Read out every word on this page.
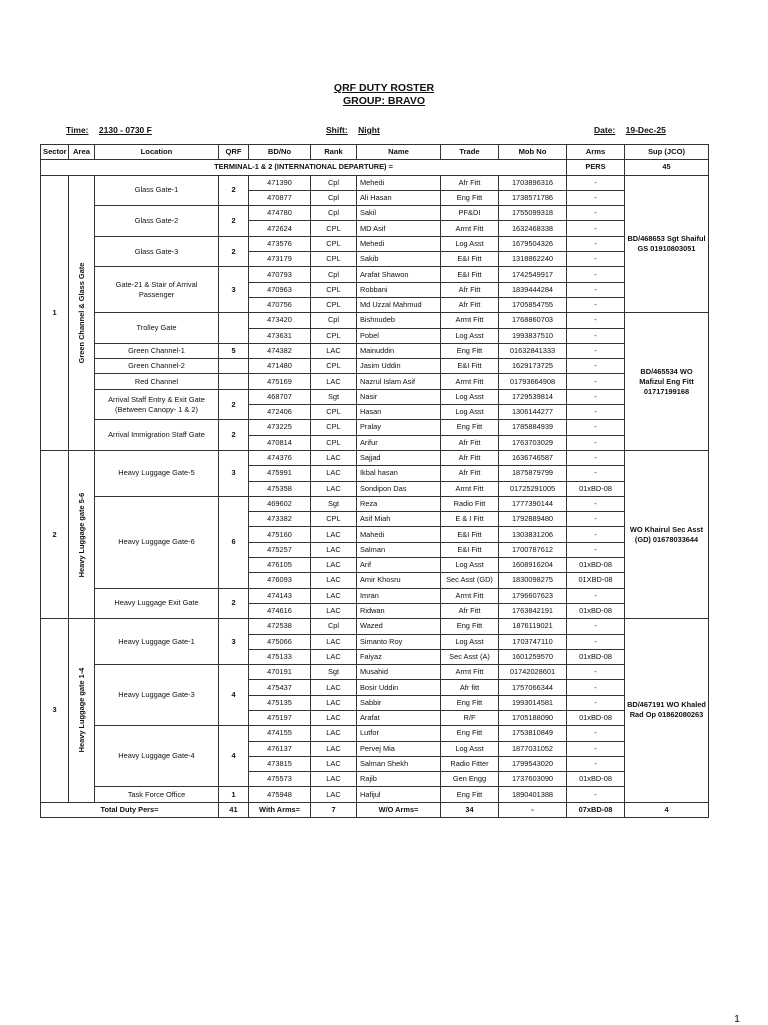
QRF DUTY ROSTER
GROUP: BRAVO
Time: 2130 - 0730 F	Shift: Night	Date: 19-Dec-25
Sector	Area	Location	QRF	BD/No	Rank	Name	Trade	Mob No	Arms	Sup (JCO)
TERMINAL-1 & 2 (INTERNATIONAL DEPARTURE) =									PERS	45
1	Green Channel & Glass Gate	Glass Gate-1	2	471390	Cpl	Mehedi	Afr Fitt	1703896316	-	BD/468653 Sgt Shaiful GS 01910803051
				470877	Cpl	Ali Hasan	Eng Fitt	1738571786	-	
		Glass Gate-2	2	474780	Cpl	Sakil	PF&DI	1755099318	-	
				472624	CPL	MD Asif	Armt Fitt	1632468338	-	
		Glass Gate-3	2	473576	CPL	Mehedi	Log Asst	1679504326	-	
				473179	CPL	Sakib	E&I Fitt	1318862240	-	
		Gate-21 & Stair of Arrival Passenger	3	470793	Cpl	Arafat Shawon	E&I Fitt	1742549917	-	
				470963	CPL	Robbani	Afr Fitt	1839444284	-	
				470756	CPL	Md Uzzal Mahmud	Afr Fitt	1705854755	-	
		Trolley Gate		473420	Cpl	Bishnudeb	Armt Fitt	1768860703	-	BD/465534 WO Mafizul Eng Fitt 01717199168
				473631	CPL	Pobel	Log Asst	1993837510	-	
		Green Channel-1	5	474382	LAC	Mainuddin	Eng Fitt	01632841333	-	
		Green Channel-2		471480	CPL	Jasim Uddin	E&I Fitt	1629173725	-	
		Red Channel		475169	LAC	Nazrul Islam Asif	Armt Fitt	01793664908	-	
		Arrival Staff Entry & Exit Gate (Between Canopy- 1 & 2)	2	468707	Sgt	Nasir	Log Asst	1729539814	-	
				472406	CPL	Hasan	Log Asst	1306144277	-	
		Arrival Immigration Staff Gate	2	473225	CPL	Pralay	Eng Fitt	1785884939	-	
				470814	CPL	Arifur	Afr Fitt	1763703029	-	
2	Heavy Luggage gate 5-6	Heavy Luggage Gate-5	3	474376	LAC	Sajjad	Afr Fitt	1636746587	-	WO Khairul Sec Asst (GD) 01678033644
				475991	LAC	Ikbal hasan	Afr Fitt	1875879799	-	
				475358	LAC	Sondipon Das	Armt Fitt	01725291005	01xBD-08	
		Heavy Luggage Gate-6	6	469602	Sgt	Reza	Radio Fitt	1777390144	-	
				473382	CPL	Asif Miah	E & I Fitt	1792889480	-	
				475160	LAC	Mahedi	E&I Fitt	1303831206	-	
				475257	LAC	Salman	E&I Fitt	1700787612	-	
				476105	LAC	Arif	Log Asst	1608916204	01xBD-08	
				476093	LAC	Amir Khosru	Sec Asst (GD)	1830098275	01XBD-08	
		Heavy Luggage Exit Gate	2	474143	LAC	Imran	Armt Fitt	1796607623	-	
				474616	LAC	Ridwan	Afr Fitt	1763842191	01xBD-08	
3	Heavy Luggage gate 1-4	Heavy Luggage Gate-1	3	472538	Cpl	Wazed	Eng Fitt	1876119021	-	BD/467191 WO Khaled Rad Op 01862080263
				475066	LAC	Simanto Roy	Log Asst	1703747110	-	
				475133	LAC	Faiyaz	Sec Asst (A)	1601259570	01xBD-08	
		Heavy Luggage Gate-3	4	470191	Sgt	Musahid	Armt Fitt	01742028601	-	
				475437	LAC	Bosir Uddin	Afr fitt	1757066344	-	
				475135	LAC	Sabbir	Eng Fitt	1993014581	-	
				475197	LAC	Arafat	R/F	1705188090	01xBD-08	
		Heavy Luggage Gate-4	4	474155	LAC	Lutfor	Eng Fitt	1753810849	-	
				476137	LAC	Pervej Mia	Log Asst	1877031052	-	
				473815	LAC	Salman Shekh	Radio Fitter	1799543020	-	
				475573	LAC	Rajib	Gen Engg	1737603090	01xBD-08	
		Task Force Office	1	475948	LAC	Hafijul	Eng Fitt	1890401388	-	
Total Duty Pers=			41	With Arms=	7	W/O Arms=	34	-	07xBD-08	4
1
